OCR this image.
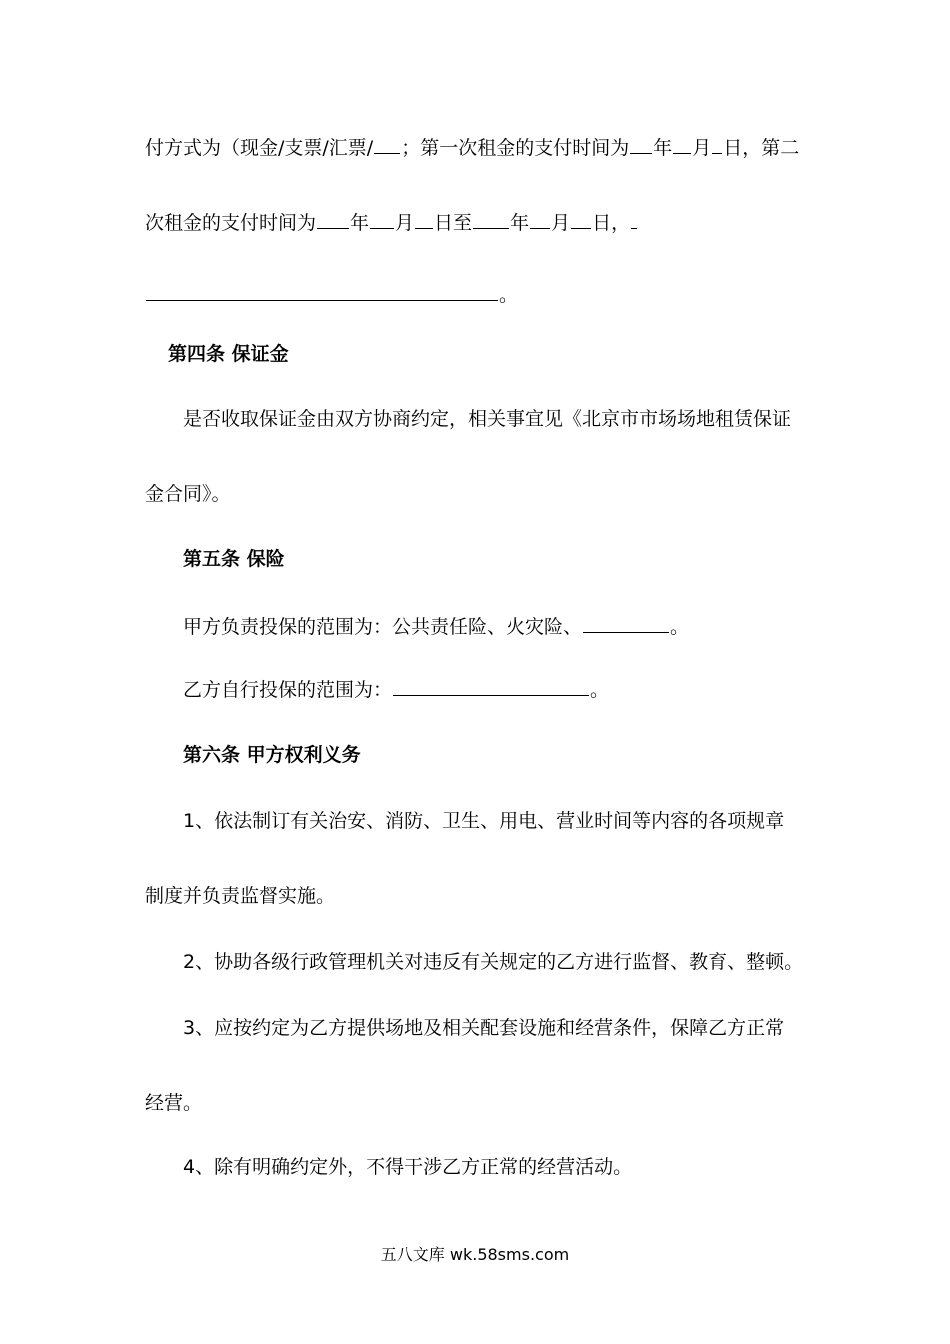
付方式为（现金/支票/汇票/ ；第一次租金的支付时间为 年 月 日，第二
次租金的支付时间为 年 月 日至 年 月 日，
。
第四条 保证金
是否收取保证金由双方协商约定，相关事宜见《北京市市场场地租赁保证
金合同》。
第五条 保险
甲方负责投保的范围为：公共责任险、火灾险、	。
乙方自行投保的范围为：	。
第六条 甲方权利义务
1、依法制订有关治安、消防、卫生、用电、营业时间等内容的各项规章
制度并负责监督实施。
2、协助各级行政管理机关对违反有关规定的乙方进行监督、教育、整顿。
3、应按约定为乙方提供场地及相关配套设施和经营条件，保障乙方正常
经营。
4、除有明确约定外，不得干涉乙方正常的经营活动。
五八文库 wk.58sms.com
